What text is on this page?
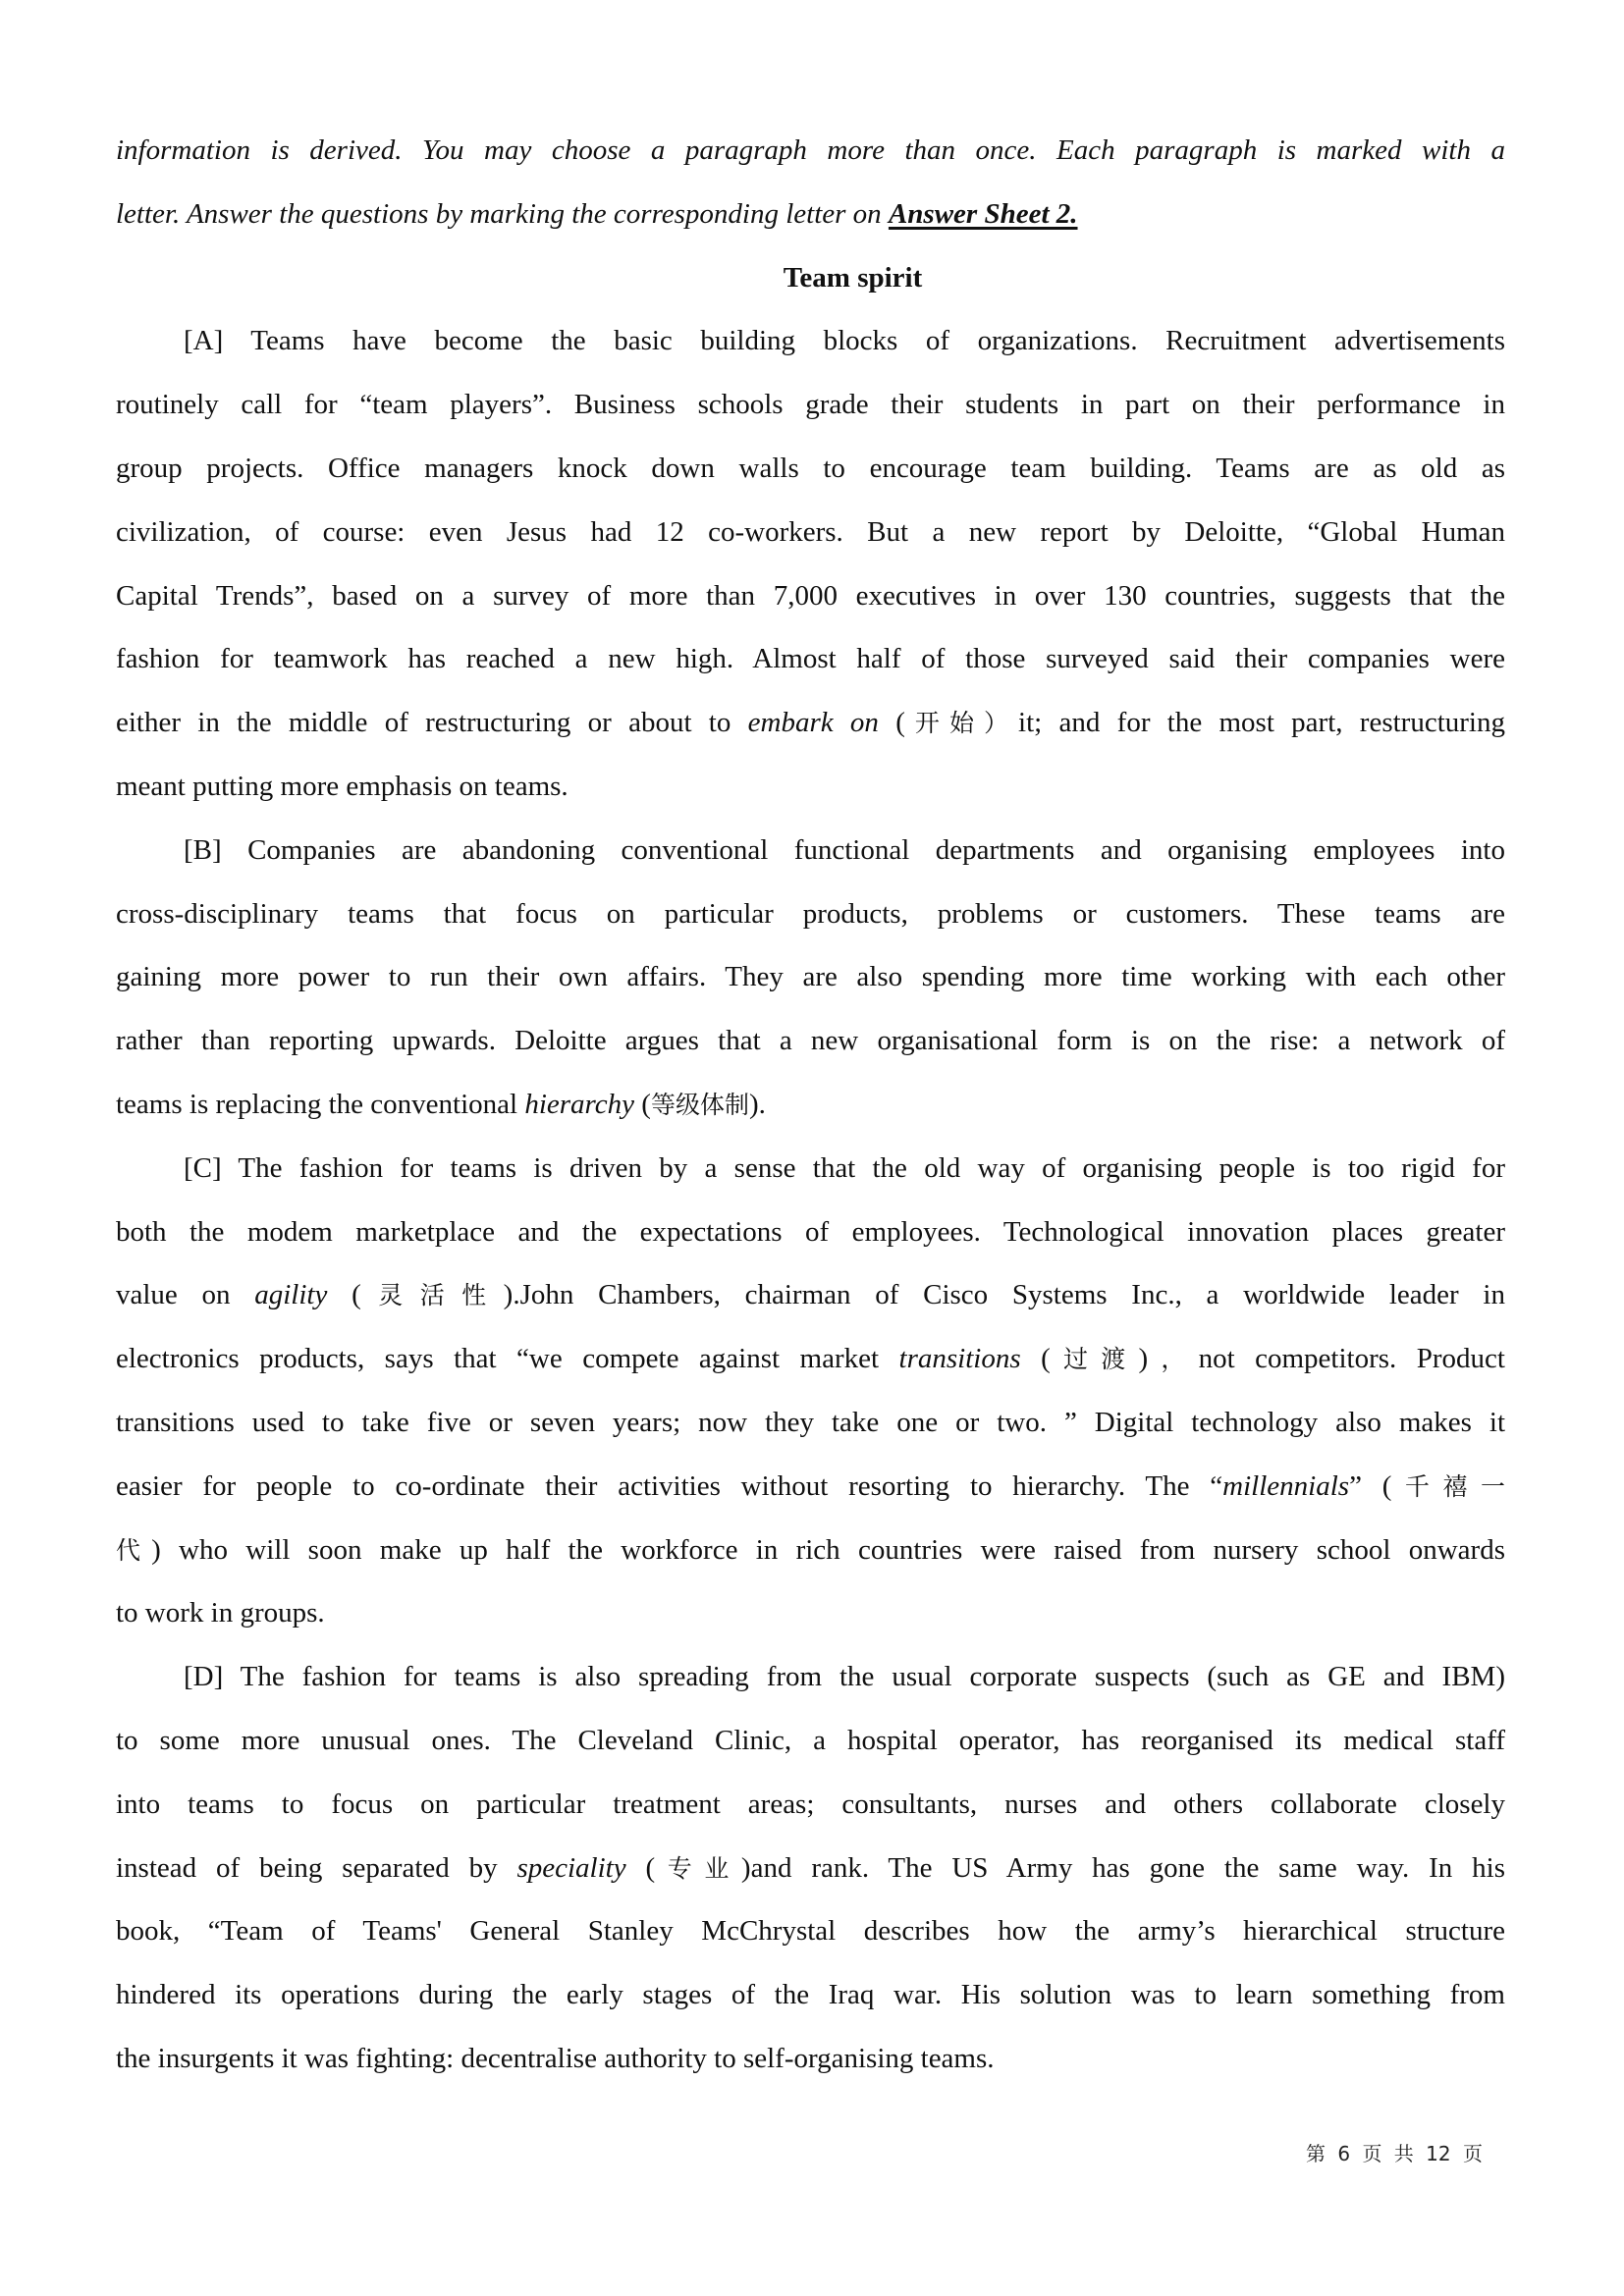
information is derived. You may choose a paragraph more than once. Each paragraph is marked with a
letter. Answer the questions by marking the corresponding letter on Answer Sheet 2.
Team spirit
[A] Teams have become the basic building blocks of organizations. Recruitment advertisements
routinely call for “team players”. Business schools grade their students in part on their performance in
group projects. Office managers knock down walls to encourage team building. Teams are as old as
civilization, of course: even Jesus had 12 co-workers. But a new report by Deloitte, “Global Human
Capital Trends”, based on a survey of more than 7,000 executives in over 130 countries, suggests that the
fashion for teamwork has reached a new high. Almost half of those surveyed said their companies were
either in the middle of restructuring or about to embark on (开始）it; and for the most part, restructuring
meant putting more emphasis on teams.
[B] Companies are abandoning conventional functional departments and organising employees into
cross-disciplinary teams that focus on particular products, problems or customers. These teams are
gaining more power to run their own affairs. They are also spending more time working with each other
rather than reporting upwards. Deloitte argues that a new organisational form is on the rise: a network of
teams is replacing the conventional hierarchy (等级体制).
[C] The fashion for teams is driven by a sense that the old way of organising people is too rigid for
both the modem marketplace and the expectations of employees. Technological innovation places greater
value on agility (灵活性).John Chambers, chairman of Cisco Systems Inc., a worldwide leader in
electronics products, says that “we compete against market transitions (过渡)，not competitors. Product
transitions used to take five or seven years; now they take one or two. ” Digital technology also makes it
easier for people to co-ordinate their activities without resorting to hierarchy. The “millennials” (千禧一
代) who will soon make up half the workforce in rich countries were raised from nursery school onwards
to work in groups.
[D] The fashion for teams is also spreading from the usual corporate suspects (such as GE and IBM)
to some more unusual ones. The Cleveland Clinic, a hospital operator, has reorganised its medical staff
into teams to focus on particular treatment areas; consultants, nurses and others collaborate closely
instead of being separated by speciality (专业)and rank. The US Army has gone the same way. In his
book, “Team of Teams' General Stanley McChrystal describes how the army’s hierarchical structure
hindered its operations during the early stages of the Iraq war. His solution was to learn something from
the insurgents it was fighting: decentralise authority to self-organising teams.
第 6 页 共 12 页
